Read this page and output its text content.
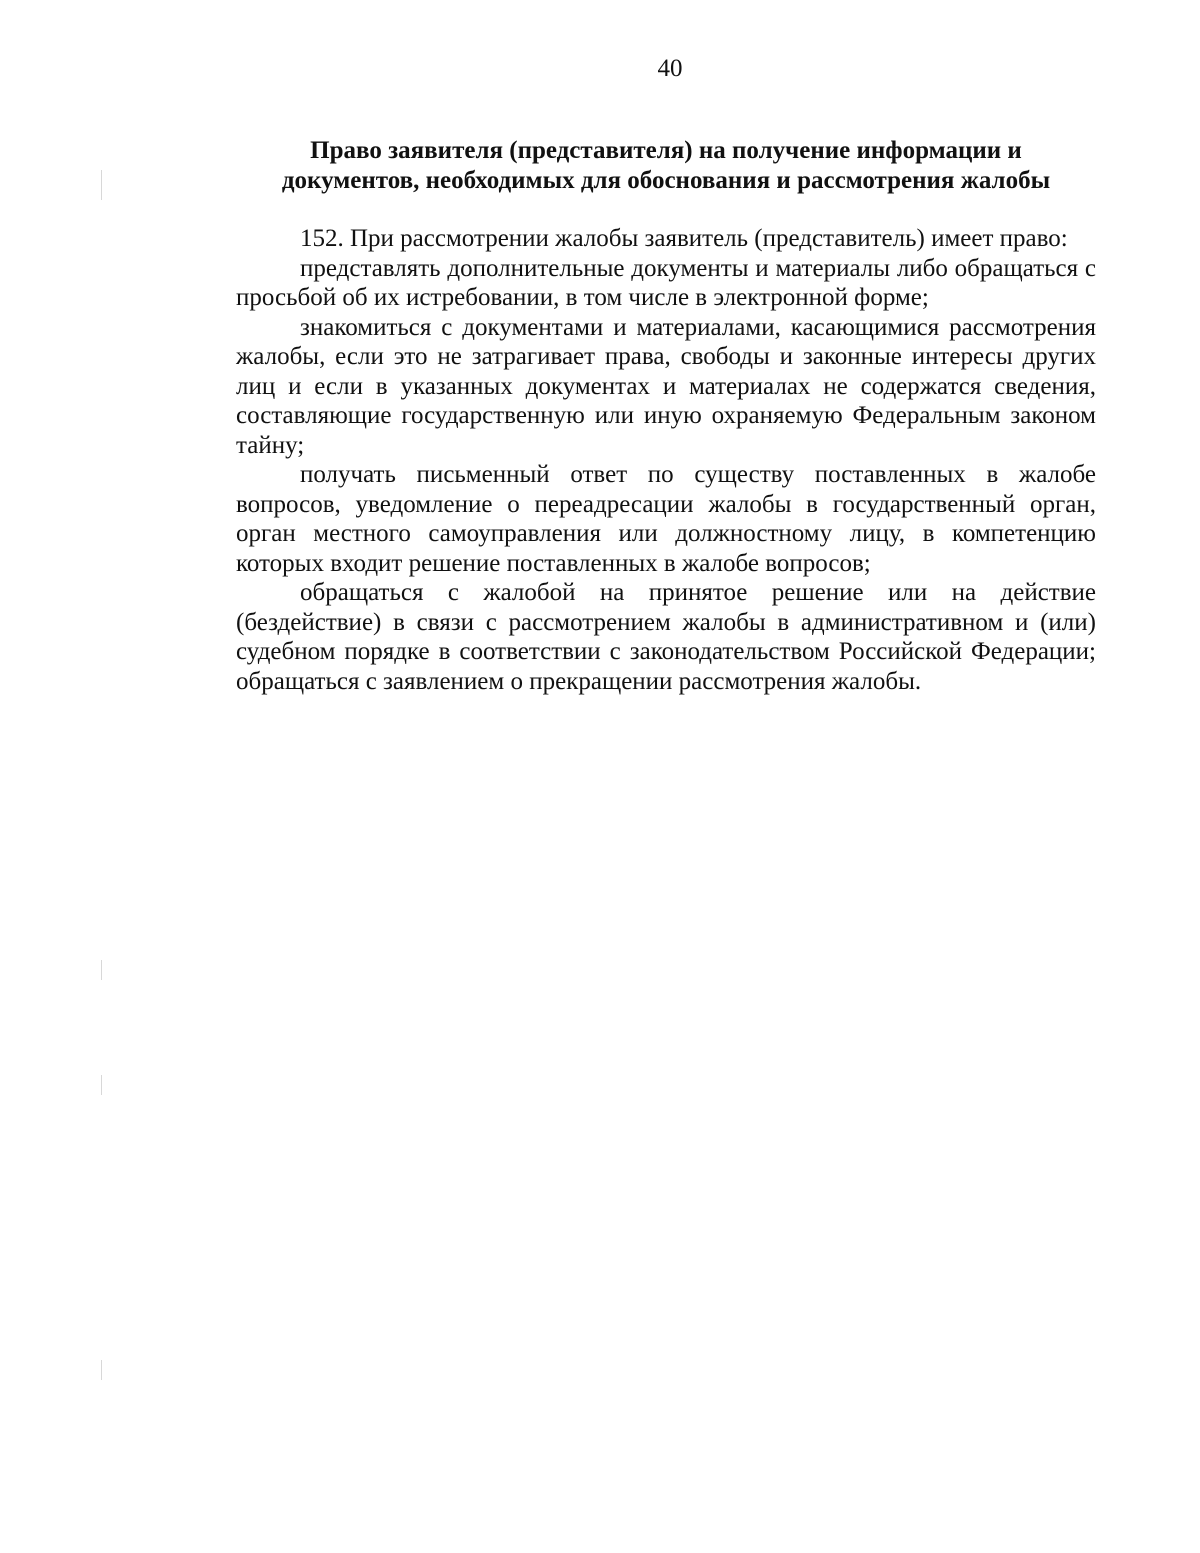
40
Право заявителя (представителя) на получение информации и
документов, необходимых для обоснования и рассмотрения жалобы

152. При рассмотрении жалобы заявитель (представитель) имеет право:

представлять дополнительные документы и материалы либо обращаться с просьбой об их истребовании, в том числе в электронной форме;

знакомиться с документами и материалами, касающимися рассмотрения жалобы, если это не затрагивает права, свободы и законные интересы других лиц и если в указанных документах и материалах не содержатся сведения, составляющие государственную или иную охраняемую Федеральным законом тайну;

получать письменный ответ по существу поставленных в жалобе вопросов, уведомление о переадресации жалобы в государственный орган, орган местного самоуправления или должностному лицу, в компетенцию которых входит решение поставленных в жалобе вопросов;

обращаться с жалобой на принятое решение или на действие (бездействие) в связи с рассмотрением жалобы в административном и (или) судебном порядке в соответствии с законодательством Российской Федерации; обращаться с заявлением о прекращении рассмотрения жалобы.
